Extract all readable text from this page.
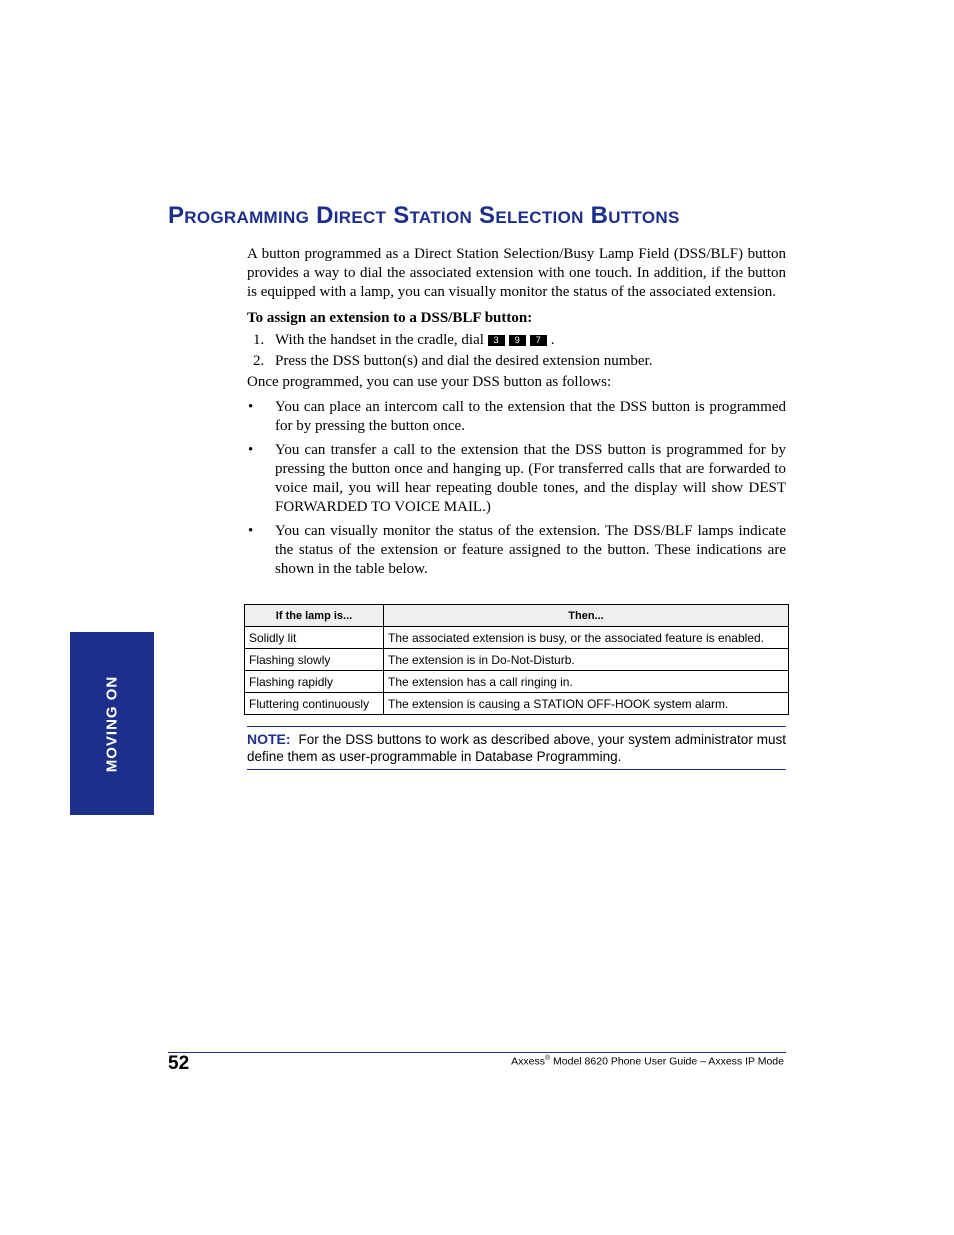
MOVING ON
Programming Direct Station Selection Buttons

A button programmed as a Direct Station Selection/Busy Lamp Field (DSS/BLF) button provides a way to dial the associated extension with one touch. In addition, if the button is equipped with a lamp, you can visually monitor the status of the associated extension.

To assign an extension to a DSS/BLF button:

1. With the handset in the cradle, dial 3 9 7 .
2. Press the DSS button(s) and dial the desired extension number.

Once programmed, you can use your DSS button as follows:

•	You can place an intercom call to the extension that the DSS button is programmed for by pressing the button once.
•	You can transfer a call to the extension that the DSS button is programmed for by pressing the button once and hanging up. (For transferred calls that are forwarded to voice mail, you will hear repeating double tones, and the display will show DEST FORWARDED TO VOICE MAIL.)
•	You can visually monitor the status of the extension. The DSS/BLF lamps indicate the status of the extension or feature assigned to the button. These indications are shown in the table below.
If the lamp is...	Then...
Solidly lit	The associated extension is busy, or the associated feature is enabled.
Flashing slowly	The extension is in Do-Not-Disturb.
Flashing rapidly	The extension has a call ringing in.
Fluttering continuously	The extension is causing a STATION OFF-HOOK system alarm.
NOTE: For the DSS buttons to work as described above, your system administrator must define them as user-programmable in Database Programming.
52	Axxess® Model 8620 Phone User Guide – Axxess IP Mode
